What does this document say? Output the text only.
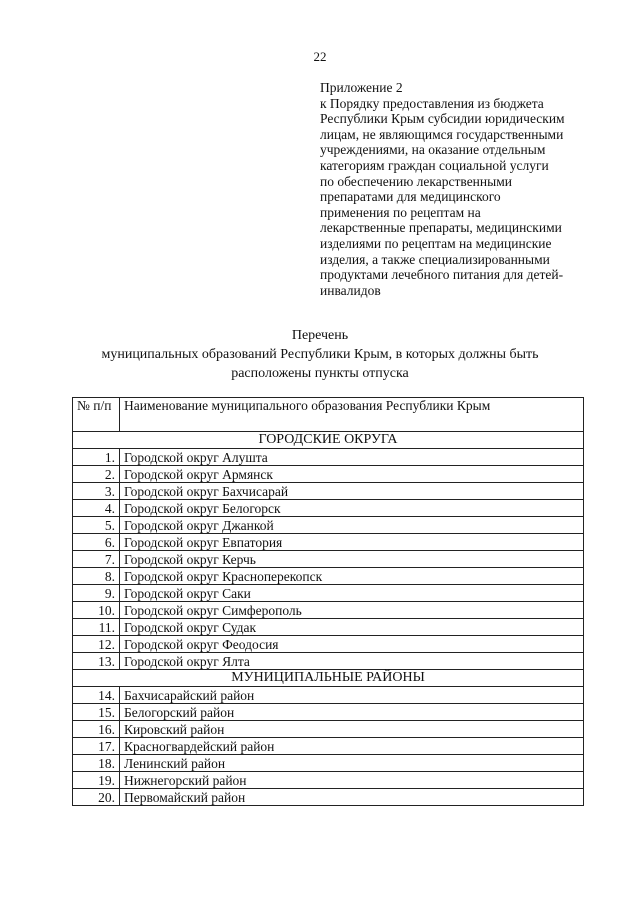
22
Приложение 2
к Порядку предоставления из бюджета
Республики Крым субсидии юридическим
лицам, не являющимся государственными
учреждениями, на оказание отдельным
категориям граждан социальной услуги
по обеспечению лекарственными
препаратами для медицинского
применения по рецептам на
лекарственные препараты, медицинскими
изделиями по рецептам на медицинские
изделия, а также специализированными
продуктами лечебного питания для детей-
инвалидов
Перечень
муниципальных образований Республики Крым, в которых должны быть
расположены пункты отпуска
№ п/п	Наименование муниципального образования Республики Крым
ГОРОДСКИЕ ОКРУГА	
1.	Городской округ Алушта
2.	Городской округ Армянск
3.	Городской округ Бахчисарай
4.	Городской округ Белогорск
5.	Городской округ Джанкой
6.	Городской округ Евпатория
7.	Городской округ Керчь
8.	Городской округ Красноперекопск
9.	Городской округ Саки
10.	Городской округ Симферополь
11.	Городской округ Судак
12.	Городской округ Феодосия
13.	Городской округ Ялта
МУНИЦИПАЛЬНЫЕ РАЙОНЫ	
14.	Бахчисарайский район
15.	Белогорский район
16.	Кировский район
17.	Красногвардейский район
18.	Ленинский район
19.	Нижнегорский район
20.	Первомайский район
